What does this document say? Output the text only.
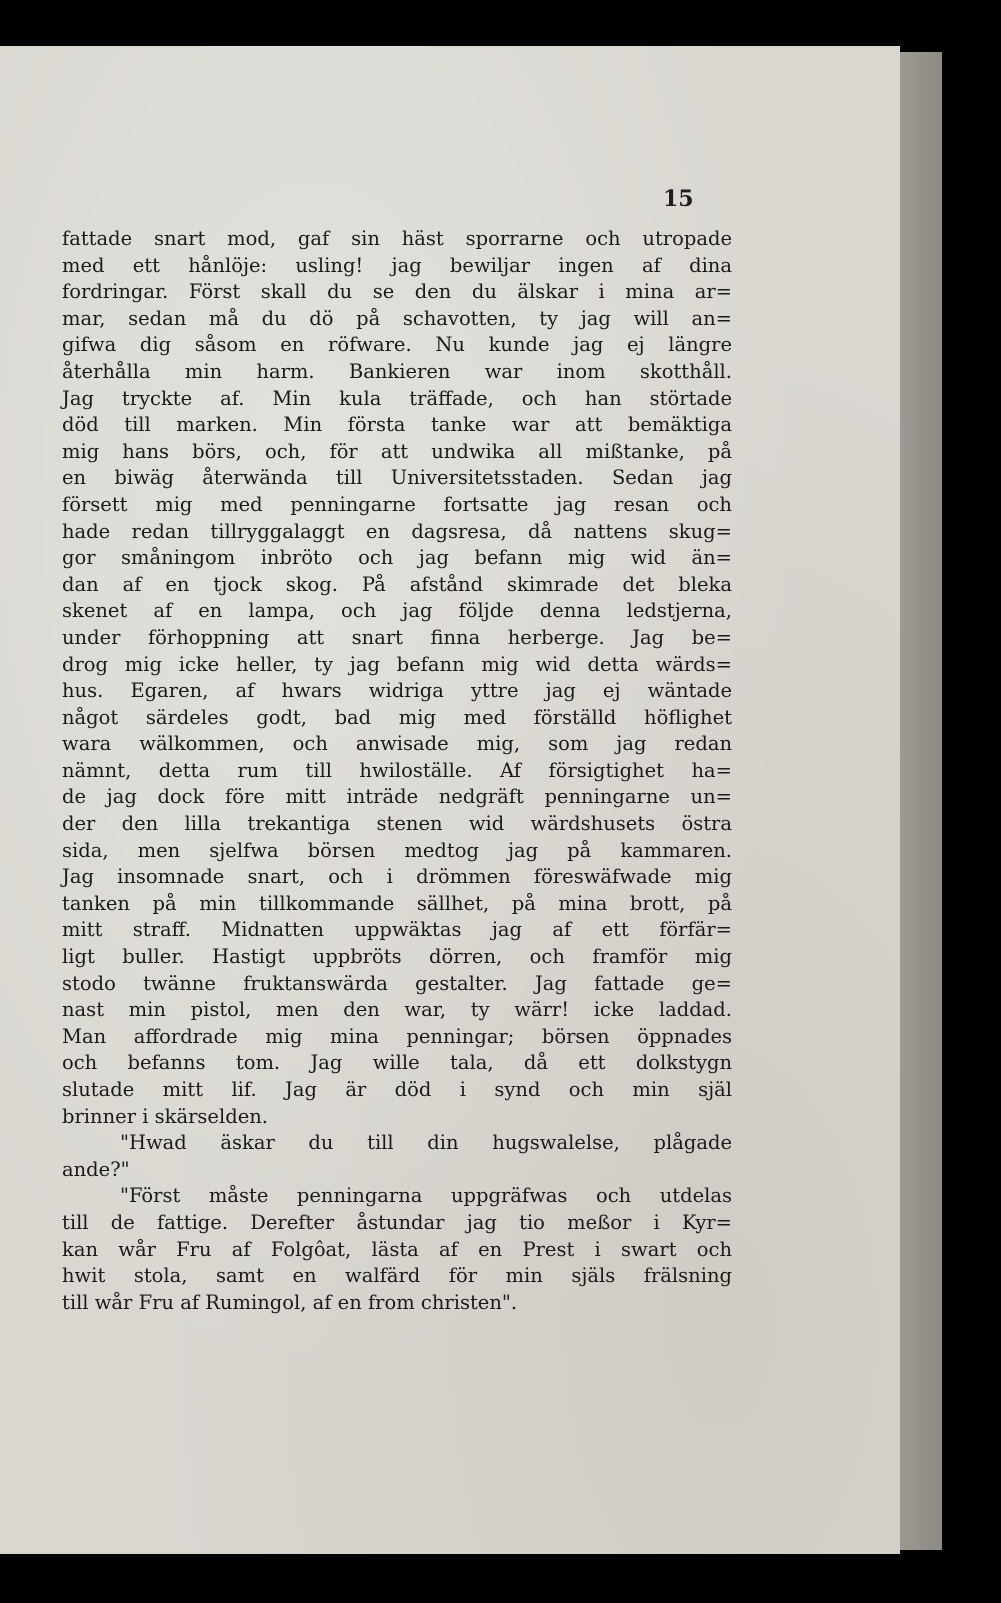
15
fattade snart mod, gaf sin häst sporrarne och utropade
med ett hånlöje: usling! jag bewiljar ingen af dina
fordringar. Först skall du se den du älskar i mina ar=
mar, sedan må du dö på schavotten, ty jag will an=
gifwa dig såsom en röfware. Nu kunde jag ej längre
återhålla min harm. Bankieren war inom skotthåll.
Jag tryckte af. Min kula träffade, och han störtade
död till marken. Min första tanke war att bemäktiga
mig hans börs, och, för att undwika all mißtanke, på
en biwäg återwända till Universitetsstaden. Sedan jag
försett mig med penningarne fortsatte jag resan och
hade redan tillryggalaggt en dagsresa, då nattens skug=
gor småningom inbröto och jag befann mig wid än=
dan af en tjock skog. På afstånd skimrade det bleka
skenet af en lampa, och jag följde denna ledstjerna,
under förhoppning att snart finna herberge. Jag be=
drog mig icke heller, ty jag befann mig wid detta wärds=
hus. Egaren, af hwars widriga yttre jag ej wäntade
något särdeles godt, bad mig med förställd höflighet
wara wälkommen, och anwisade mig, som jag redan
nämnt, detta rum till hwiloställe. Af försigtighet ha=
de jag dock före mitt inträde nedgräft penningarne un=
der den lilla trekantiga stenen wid wärdshusets östra
sida, men sjelfwa börsen medtog jag på kammaren.
Jag insomnade snart, och i drömmen föreswäfwade mig
tanken på min tillkommande sällhet, på mina brott, på
mitt straff. Midnatten uppwäktas jag af ett förfär=
ligt buller. Hastigt uppbröts dörren, och framför mig
stodo twänne fruktanswärda gestalter. Jag fattade ge=
nast min pistol, men den war, ty wärr! icke laddad.
Man affordrade mig mina penningar; börsen öppnades
och befanns tom. Jag wille tala, då ett dolkstygn
slutade mitt lif. Jag är död i synd och min själ
brinner i skärselden.
"Hwad äskar du till din hugswalelse, plågade
ande?"
"Först måste penningarna uppgräfwas och utdelas
till de fattige. Derefter åstundar jag tio meßor i Kyr=
kan wår Fru af Folgôat, lästa af en Prest i swart och
hwit stola, samt en walfärd för min själs frälsning
till wår Fru af Rumingol, af en from christen".
